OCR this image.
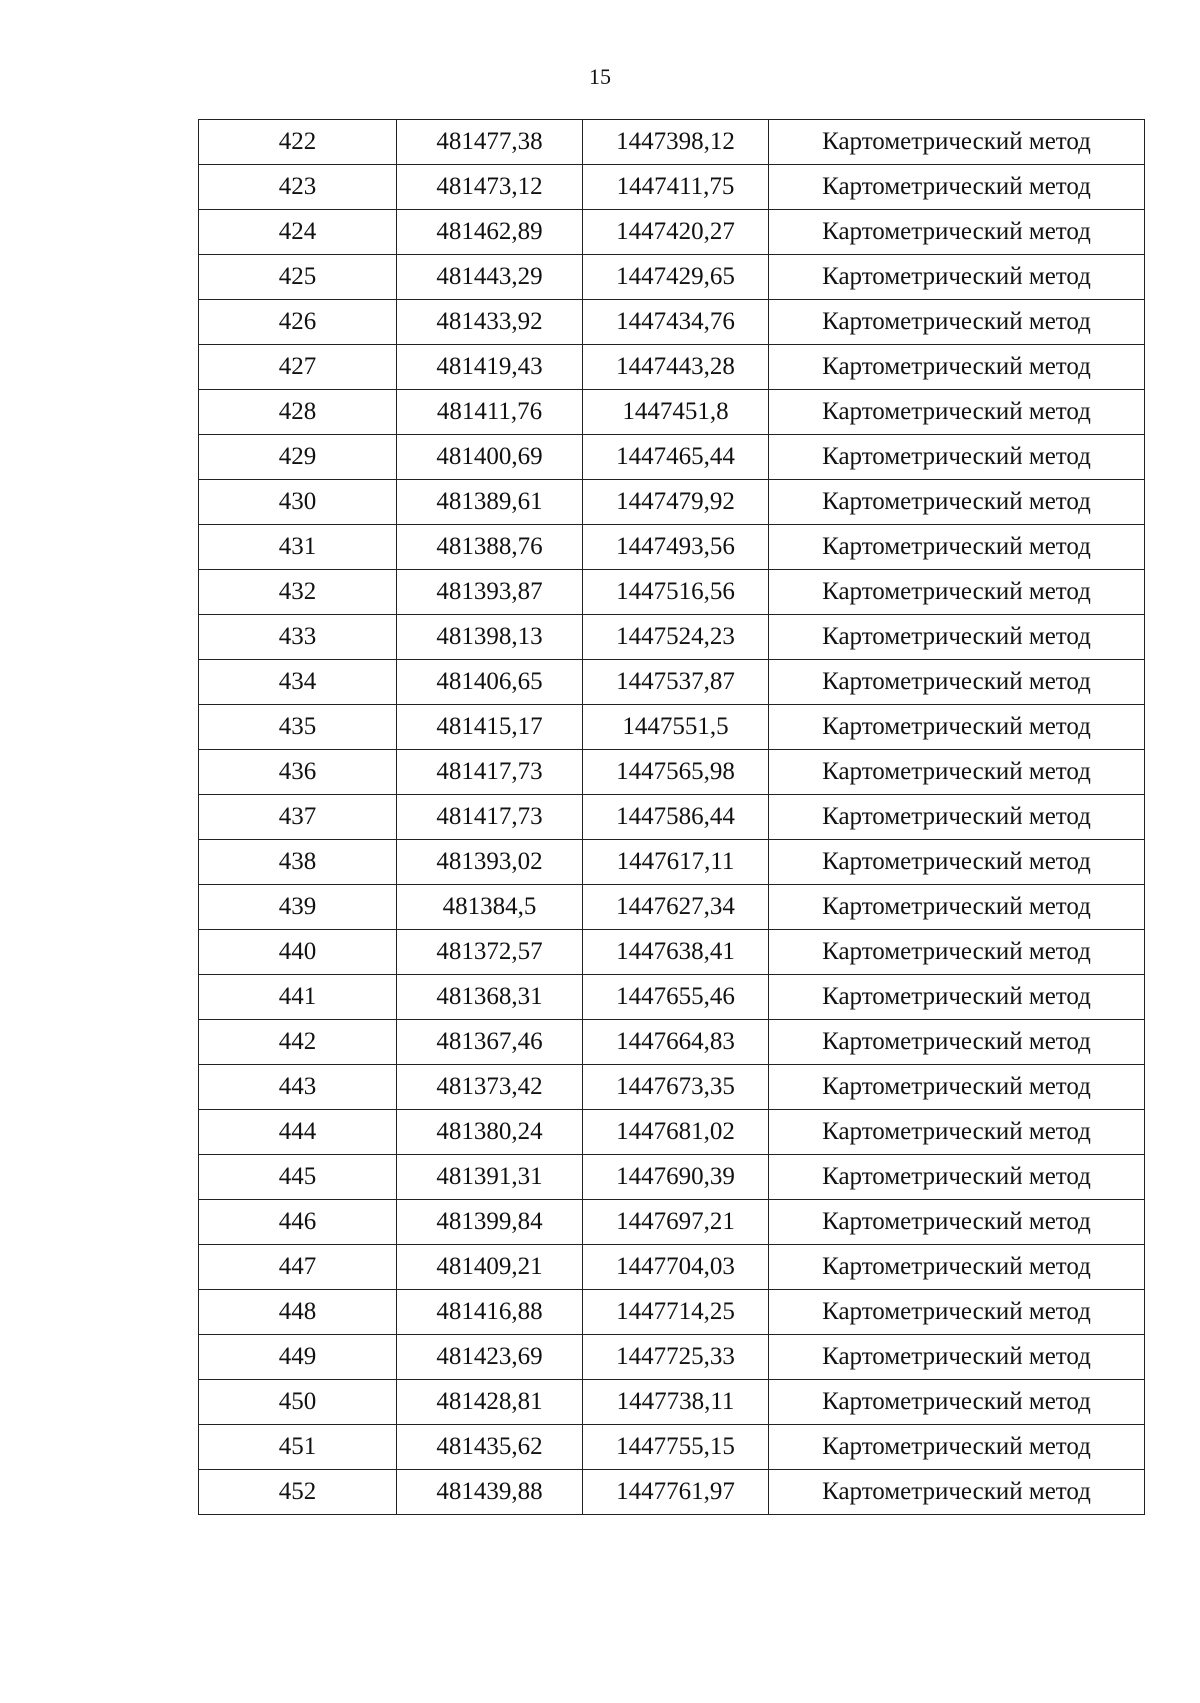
15
422	481477,38	1447398,12	Картометрический метод
423	481473,12	1447411,75	Картометрический метод
424	481462,89	1447420,27	Картометрический метод
425	481443,29	1447429,65	Картометрический метод
426	481433,92	1447434,76	Картометрический метод
427	481419,43	1447443,28	Картометрический метод
428	481411,76	1447451,8	Картометрический метод
429	481400,69	1447465,44	Картометрический метод
430	481389,61	1447479,92	Картометрический метод
431	481388,76	1447493,56	Картометрический метод
432	481393,87	1447516,56	Картометрический метод
433	481398,13	1447524,23	Картометрический метод
434	481406,65	1447537,87	Картометрический метод
435	481415,17	1447551,5	Картометрический метод
436	481417,73	1447565,98	Картометрический метод
437	481417,73	1447586,44	Картометрический метод
438	481393,02	1447617,11	Картометрический метод
439	481384,5	1447627,34	Картометрический метод
440	481372,57	1447638,41	Картометрический метод
441	481368,31	1447655,46	Картометрический метод
442	481367,46	1447664,83	Картометрический метод
443	481373,42	1447673,35	Картометрический метод
444	481380,24	1447681,02	Картометрический метод
445	481391,31	1447690,39	Картометрический метод
446	481399,84	1447697,21	Картометрический метод
447	481409,21	1447704,03	Картометрический метод
448	481416,88	1447714,25	Картометрический метод
449	481423,69	1447725,33	Картометрический метод
450	481428,81	1447738,11	Картометрический метод
451	481435,62	1447755,15	Картометрический метод
452	481439,88	1447761,97	Картометрический метод
